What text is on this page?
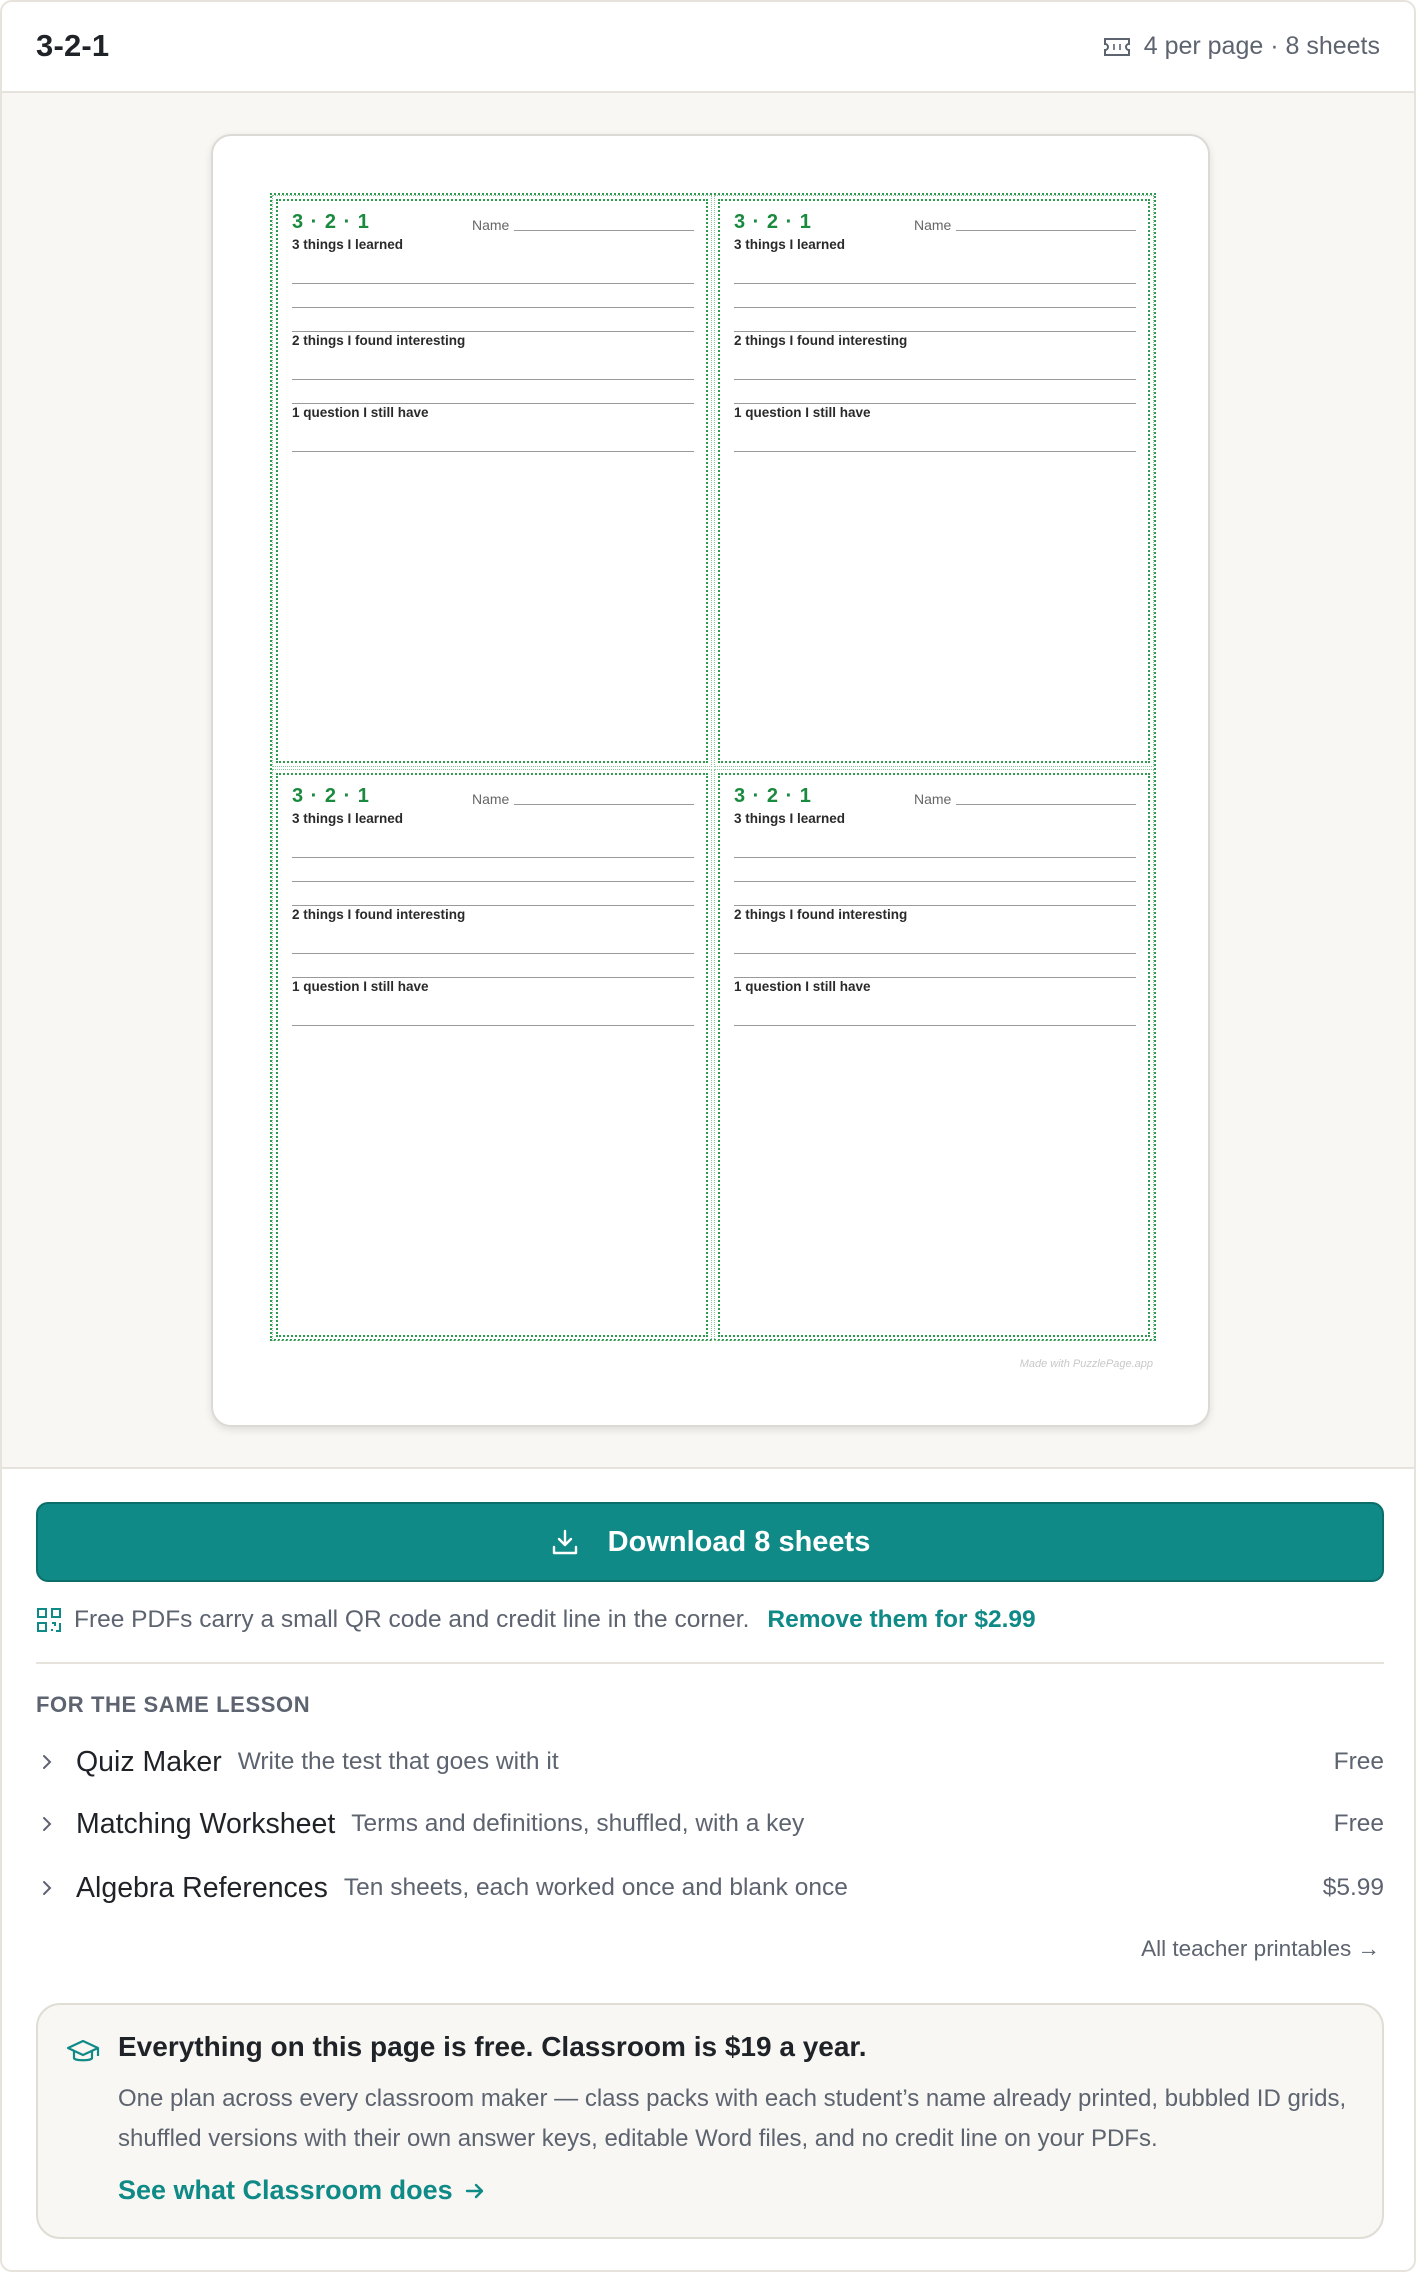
3-2-1	4 per page · 8 sheets
3 · 2 · 1	Name
3 things I learned
2 things I found interesting
1 question I still have
3 · 2 · 1	Name
3 things I learned
2 things I found interesting
1 question I still have
3 · 2 · 1	Name
3 things I learned
2 things I found interesting
1 question I still have
3 · 2 · 1	Name
3 things I learned
2 things I found interesting
1 question I still have
Made with PuzzlePage.app
Download 8 sheets
Free PDFs carry a small QR code and credit line in the corner. Remove them for $2.99
FOR THE SAME LESSON
Quiz Maker Write the test that goes with it	Free
Matching Worksheet Terms and definitions, shuffled, with a key	Free
Algebra References Ten sheets, each worked once and blank once	$5.99
All teacher printables →
Everything on this page is free. Classroom is $19 a year.

One plan across every classroom maker — class packs with each student’s name already printed, bubbled ID grids, shuffled versions with their own answer keys, editable Word files, and no credit line on your PDFs.

See what Classroom does
